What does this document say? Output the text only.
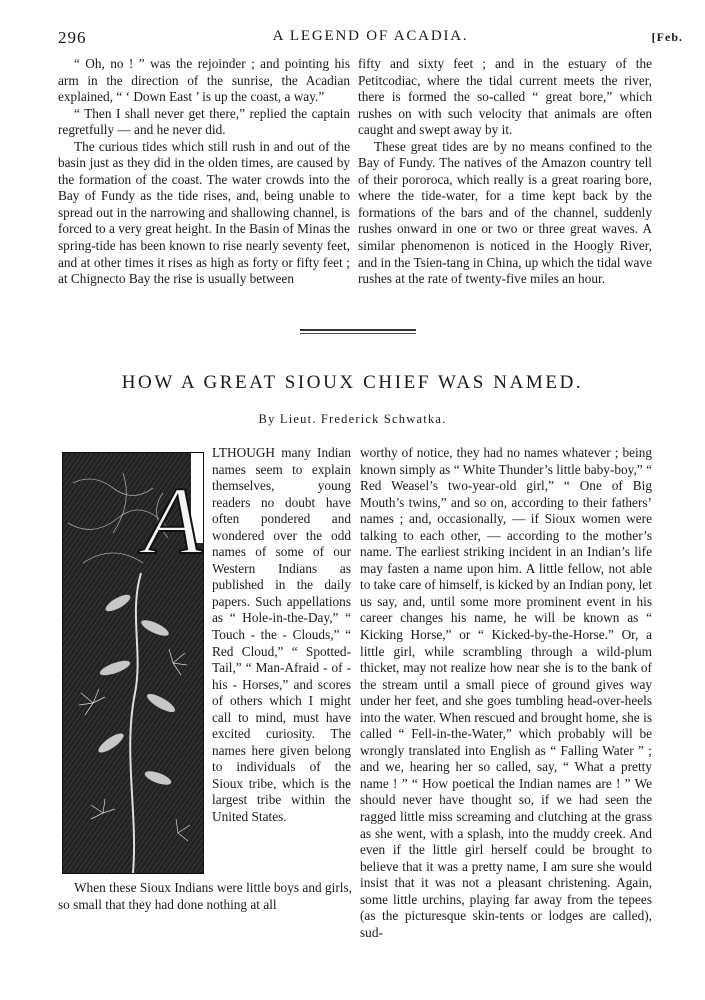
296	A LEGEND OF ACADIA.	[Feb.

“ Oh, no ! ” was the rejoinder ; and pointing his arm in the direction of the sunrise, the Acadian explained, “ ‘ Down East ’ is up the coast, a way.”

“ Then I shall never get there,” replied the captain regretfully — and he never did.

The curious tides which still rush in and out of the basin just as they did in the olden times, are caused by the formation of the coast. The water crowds into the Bay of Fundy as the tide rises, and, being unable to spread out in the narrowing and shallowing channel, is forced to a very great height. In the Basin of Minas the spring-tide has been known to rise nearly seventy feet, and at other times it rises as high as forty or fifty feet ; at Chignecto Bay the rise is usually between

fifty and sixty feet ; and in the estuary of the Petitcodiac, where the tidal current meets the river, there is formed the so-called “ great bore,” which rushes on with such velocity that animals are often caught and swept away by it.

These great tides are by no means confined to the Bay of Fundy. The natives of the Amazon country tell of their pororoca, which really is a great roaring bore, where the tide-water, for a time kept back by the formations of the bars and of the channel, suddenly rushes onward in one or two or three great waves. A similar phenomenon is noticed in the Hoogly River, and in the Tsien-tang in China, up which the tidal wave rushes at the rate of twenty-five miles an hour.

HOW A GREAT SIOUX CHIEF WAS NAMED.
By Lieut. Frederick Schwatka.
A

LTHOUGH many Indian names seem to explain themselves, young readers no doubt have often pondered and wondered over the odd names of some of our Western Indians as published in the daily papers. Such appellations as “ Hole-in-the-Day,” “ Touch - the - Clouds,” “ Red Cloud,” “ Spotted-Tail,” “ Man-Afraid - of - his - Horses,” and scores of others which I might call to mind, must have excited curiosity. The names here given belong to individuals of the Sioux tribe, which is the largest tribe within the United States.

When these Sioux Indians were little boys and girls, so small that they had done nothing at all

worthy of notice, they had no names whatever ; being known simply as “ White Thunder’s little baby-boy,” “ Red Weasel’s two-year-old girl,” “ One of Big Mouth’s twins,” and so on, according to their fathers’ names ; and, occasionally, — if Sioux women were talking to each other, — according to the mother’s name. The earliest striking incident in an Indian’s life may fasten a name upon him. A little fellow, not able to take care of himself, is kicked by an Indian pony, let us say, and, until some more prominent event in his career changes his name, he will be known as “ Kicking Horse,” or “ Kicked-by-the-Horse.” Or, a little girl, while scrambling through a wild-plum thicket, may not realize how near she is to the bank of the stream until a small piece of ground gives way under her feet, and she goes tumbling head-over-heels into the water. When rescued and brought home, she is called “ Fell-in-the-Water,” which probably will be wrongly translated into English as “ Falling Water ” ; and we, hearing her so called, say, “ What a pretty name ! ” “ How poetical the Indian names are ! ” We should never have thought so, if we had seen the ragged little miss screaming and clutching at the grass as she went, with a splash, into the muddy creek. And even if the little girl herself could be brought to believe that it was a pretty name, I am sure she would insist that it was not a pleasant christening. Again, some little urchins, playing far away from the tepees (as the picturesque skin-tents or lodges are called), sud-
